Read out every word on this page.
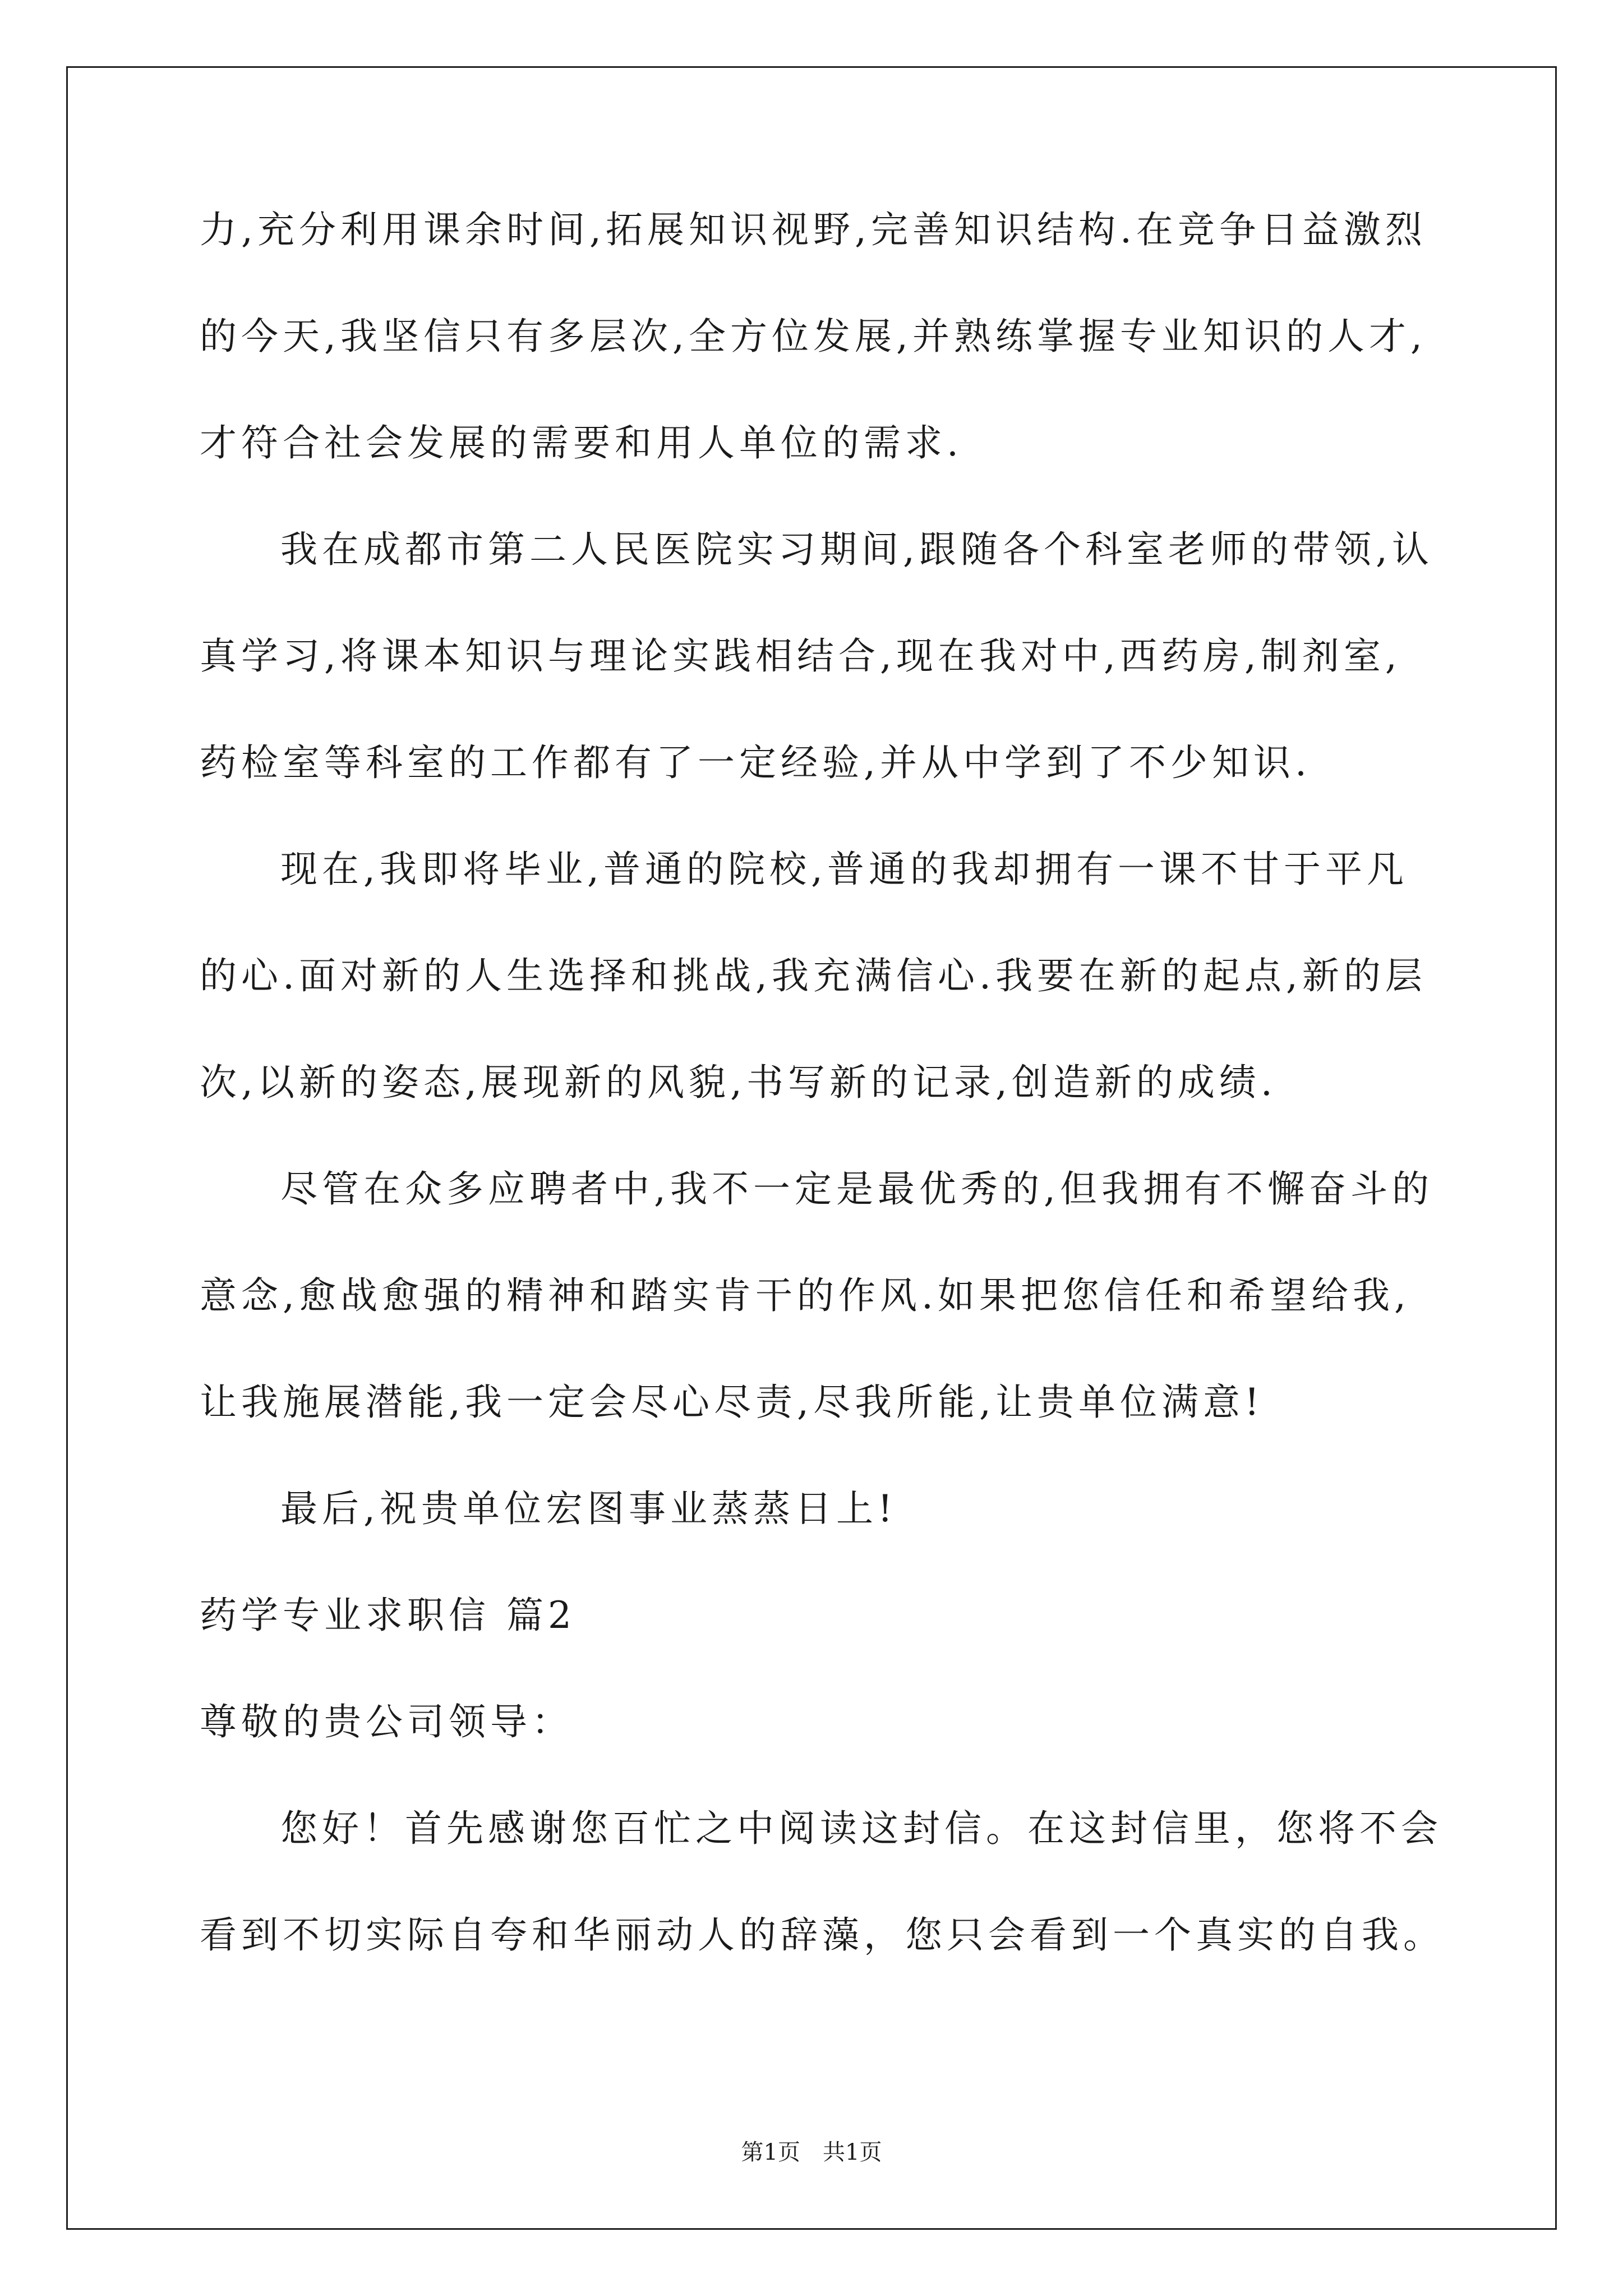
力,充分利用课余时间,拓展知识视野,完善知识结构.在竞争日益激烈
的今天,我坚信只有多层次,全方位发展,并熟练掌握专业知识的人才,
才符合社会发展的需要和用人单位的需求.
我在成都市第二人民医院实习期间,跟随各个科室老师的带领,认
真学习,将课本知识与理论实践相结合,现在我对中,西药房,制剂室,
药检室等科室的工作都有了一定经验,并从中学到了不少知识.
现在,我即将毕业,普通的院校,普通的我却拥有一课不甘于平凡
的心.面对新的人生选择和挑战,我充满信心.我要在新的起点,新的层
次,以新的姿态,展现新的风貌,书写新的记录,创造新的成绩.
尽管在众多应聘者中,我不一定是最优秀的,但我拥有不懈奋斗的
意念,愈战愈强的精神和踏实肯干的作风.如果把您信任和希望给我,
让我施展潜能,我一定会尽心尽责,尽我所能,让贵单位满意!
最后,祝贵单位宏图事业蒸蒸日上!
药学专业求职信 篇2
尊敬的贵公司领导：
您好！首先感谢您百忙之中阅读这封信。在这封信里，您将不会
看到不切实际自夸和华丽动人的辞藻，您只会看到一个真实的自我。
第1页　共1页
